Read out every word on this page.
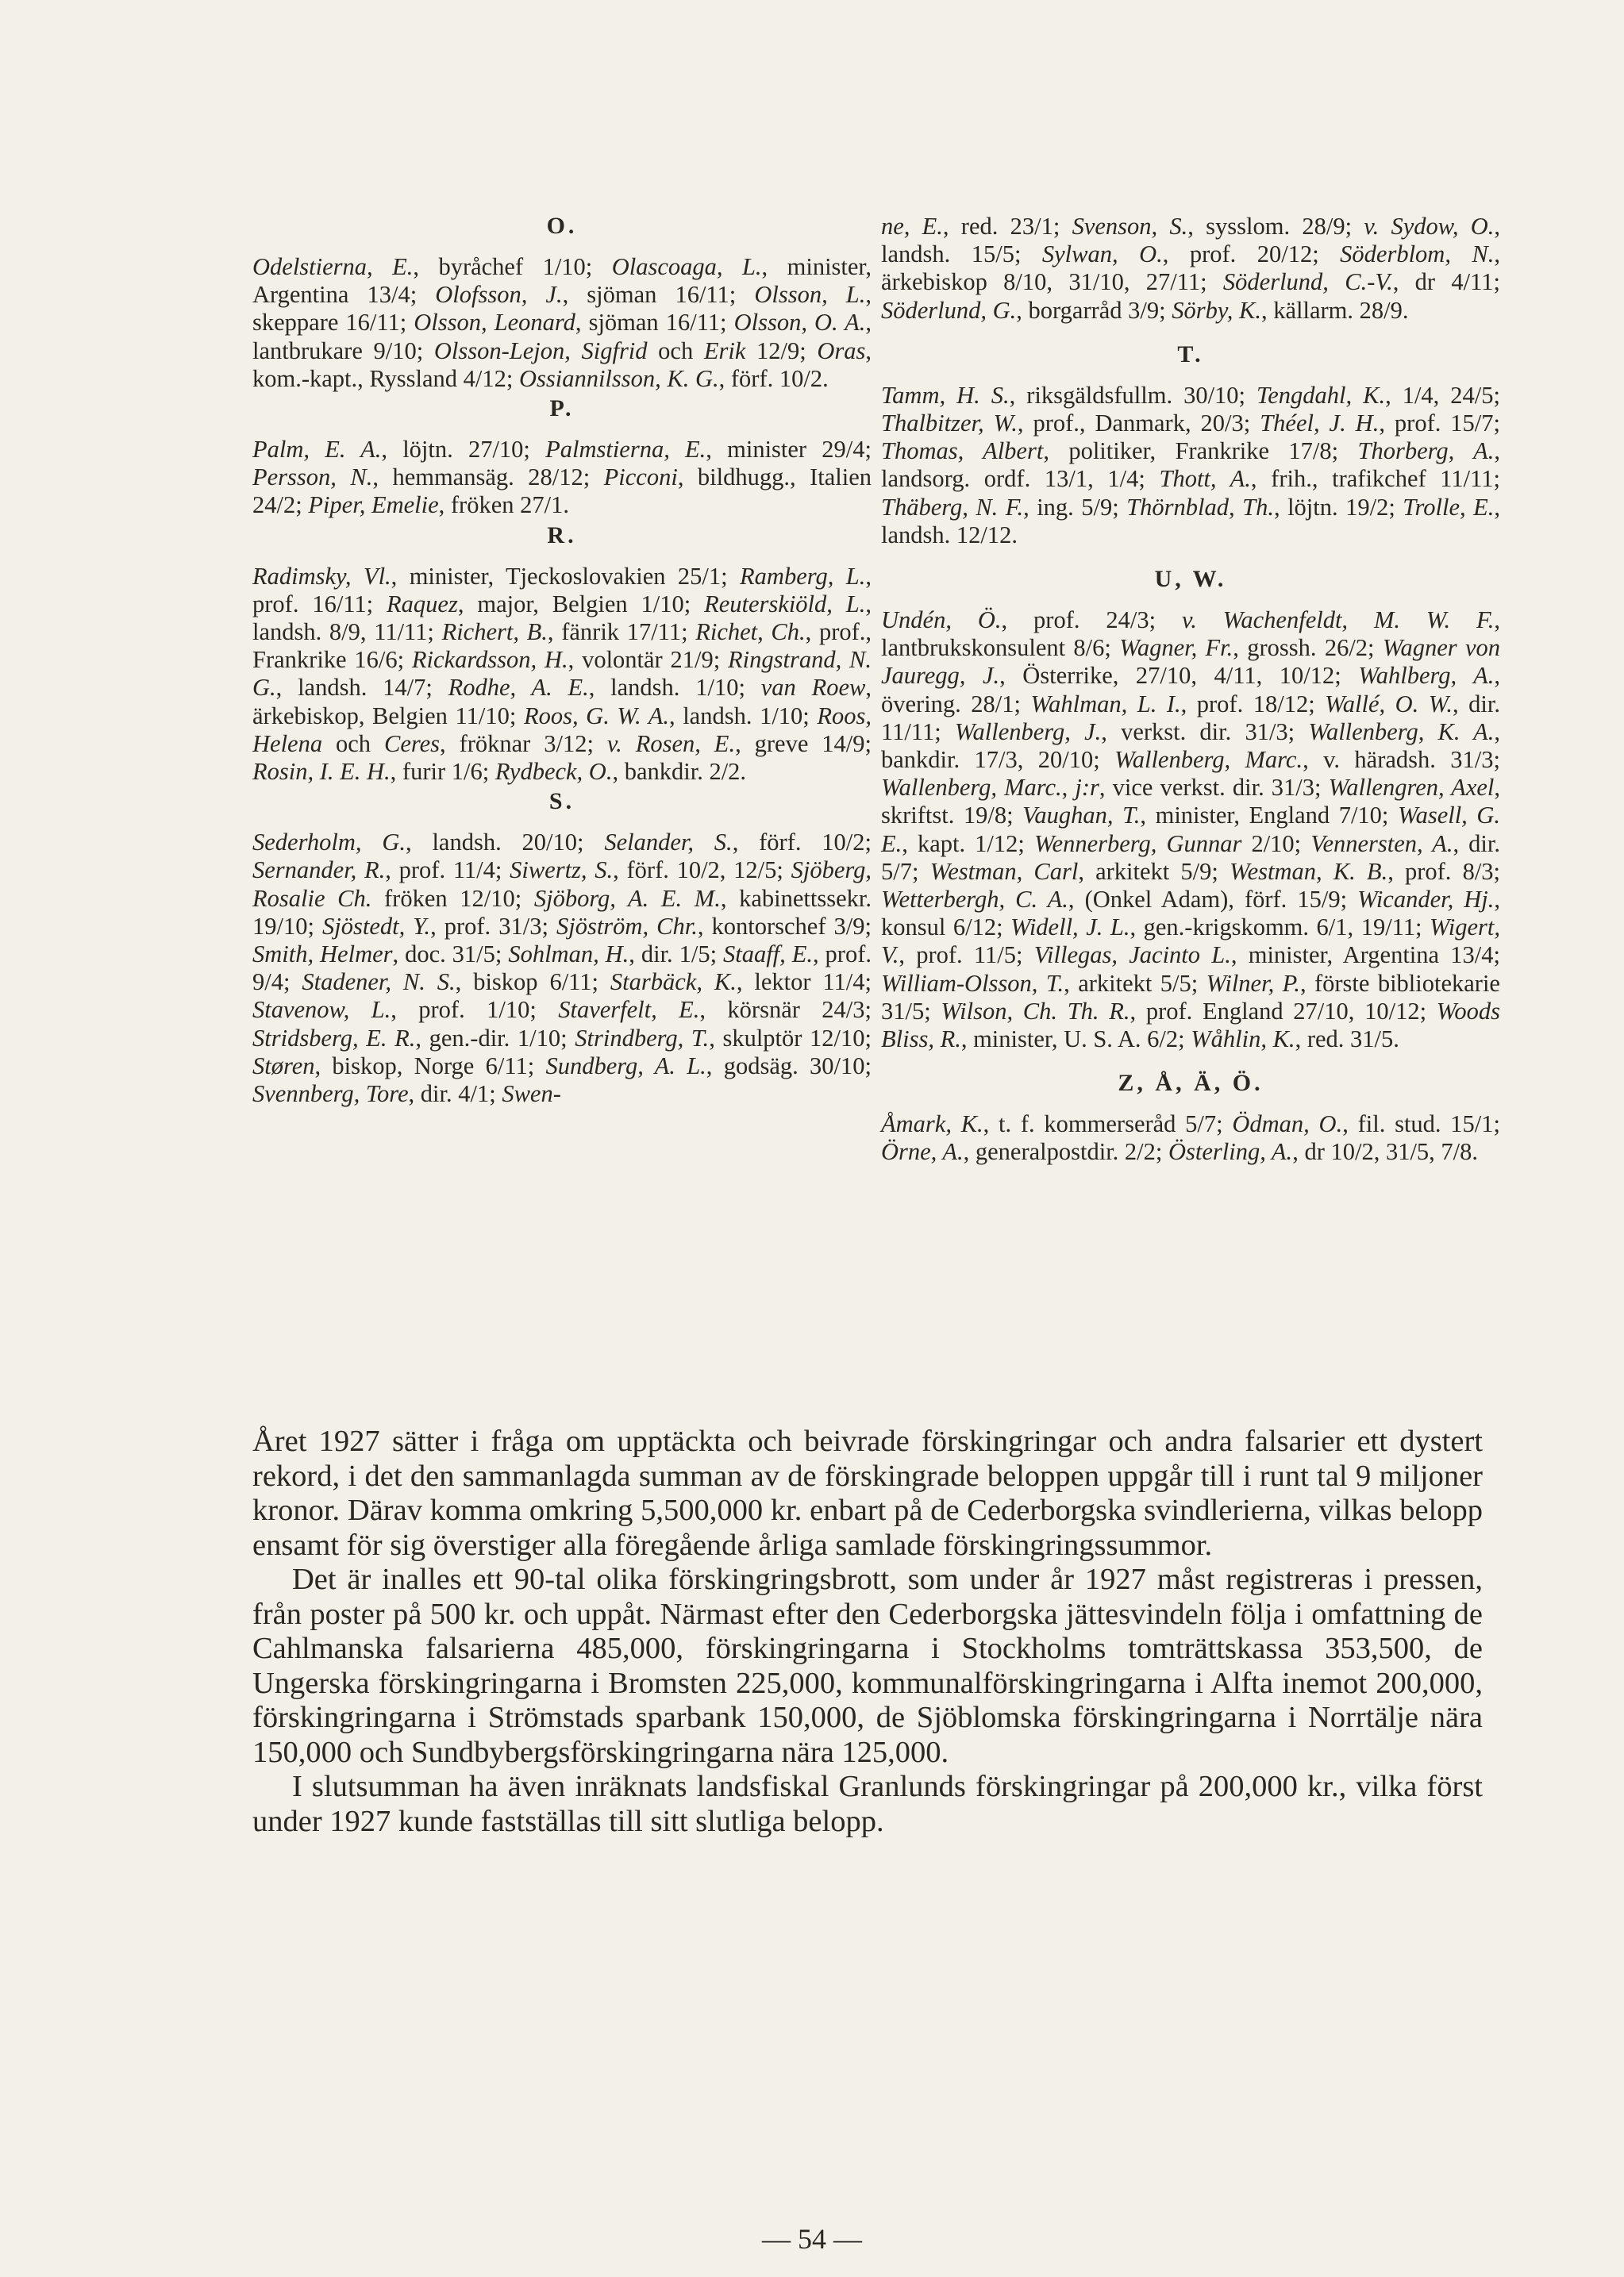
O.

Odelstierna, E., byråchef 1/10; Olascoaga, L., minister, Argentina 13/4; Olofsson, J., sjöman 16/11; Olsson, L., skeppare 16/11; Olsson, Leonard, sjöman 16/11; Olsson, O. A., lantbrukare 9/10; Olsson-Lejon, Sigfrid och Erik 12/9; Oras, kom.-kapt., Ryssland 4/12; Ossiannilsson, K. G., förf. 10/2.

P.

Palm, E. A., löjtn. 27/10; Palmstierna, E., minister 29/4; Persson, N., hemmansäg. 28/12; Picconi, bildhugg., Italien 24/2; Piper, Emelie, fröken 27/1.

R.

Radimsky, Vl., minister, Tjeckoslovakien 25/1; Ramberg, L., prof. 16/11; Raquez, major, Belgien 1/10; Reuterskiöld, L., landsh. 8/9, 11/11; Richert, B., fänrik 17/11; Richet, Ch., prof., Frankrike 16/6; Rickardsson, H., volontär 21/9; Ringstrand, N. G., landsh. 14/7; Rodhe, A. E., landsh. 1/10; van Roew, ärkebiskop, Belgien 11/10; Roos, G. W. A., landsh. 1/10; Roos, Helena och Ceres, fröknar 3/12; v. Rosen, E., greve 14/9; Rosin, I. E. H., furir 1/6; Rydbeck, O., bankdir. 2/2.

S.

Sederholm, G., landsh. 20/10; Selander, S., förf. 10/2; Sernander, R., prof. 11/4; Siwertz, S., förf. 10/2, 12/5; Sjöberg, Rosalie Ch. fröken 12/10; Sjöborg, A. E. M., kabinettssekr. 19/10; Sjöstedt, Y., prof. 31/3; Sjöström, Chr., kontorschef 3/9; Smith, Helmer, doc. 31/5; Sohlman, H., dir. 1/5; Staaff, E., prof. 9/4; Stadener, N. S., biskop 6/11; Starbäck, K., lektor 11/4; Stavenow, L., prof. 1/10; Staverfelt, E., körsnär 24/3; Stridsberg, E. R., gen.-dir. 1/10; Strindberg, T., skulptör 12/10; Støren, biskop, Norge 6/11; Sundberg, A. L., godsäg. 30/10; Svennberg, Tore, dir. 4/1; Swen-

ne, E., red. 23/1; Svenson, S., sysslom. 28/9; v. Sydow, O., landsh. 15/5; Sylwan, O., prof. 20/12; Söderblom, N., ärkebiskop 8/10, 31/10, 27/11; Söderlund, C.-V., dr 4/11; Söderlund, G., borgarråd 3/9; Sörby, K., källarm. 28/9.

T.

Tamm, H. S., riksgäldsfullm. 30/10; Tengdahl, K., 1/4, 24/5; Thalbitzer, W., prof., Danmark, 20/3; Théel, J. H., prof. 15/7; Thomas, Albert, politiker, Frankrike 17/8; Thorberg, A., landsorg. ordf. 13/1, 1/4; Thott, A., frih., trafikchef 11/11; Thäberg, N. F., ing. 5/9; Thörnblad, Th., löjtn. 19/2; Trolle, E., landsh. 12/12.

U, W.

Undén, Ö., prof. 24/3; v. Wachenfeldt, M. W. F., lantbrukskonsulent 8/6; Wagner, Fr., grossh. 26/2; Wagner von Jauregg, J., Österrike, 27/10, 4/11, 10/12; Wahlberg, A., övering. 28/1; Wahlman, L. I., prof. 18/12; Wallé, O. W., dir. 11/11; Wallenberg, J., verkst. dir. 31/3; Wallenberg, K. A., bankdir. 17/3, 20/10; Wallenberg, Marc., v. häradsh. 31/3; Wallenberg, Marc., j:r, vice verkst. dir. 31/3; Wallengren, Axel, skriftst. 19/8; Vaughan, T., minister, England 7/10; Wasell, G. E., kapt. 1/12; Wennerberg, Gunnar 2/10; Vennersten, A., dir. 5/7; Westman, Carl, arkitekt 5/9; Westman, K. B., prof. 8/3; Wetterbergh, C. A., (Onkel Adam), förf. 15/9; Wicander, Hj., konsul 6/12; Widell, J. L., gen.-krigskomm. 6/1, 19/11; Wigert, V., prof. 11/5; Villegas, Jacinto L., minister, Argentina 13/4; William-Olsson, T., arkitekt 5/5; Wilner, P., förste bibliotekarie 31/5; Wilson, Ch. Th. R., prof. England 27/10, 10/12; Woods Bliss, R., minister, U. S. A. 6/2; Wåhlin, K., red. 31/5.

Z, Å, Ä, Ö.

Åmark, K., t. f. kommerseråd 5/7; Ödman, O., fil. stud. 15/1; Örne, A., generalpostdir. 2/2; Österling, A., dr 10/2, 31/5, 7/8.

Året 1927 sätter i fråga om upptäckta och beivrade förskingringar och andra falsarier ett dystert rekord, i det den sammanlagda summan av de förskingrade beloppen uppgår till i runt tal 9 miljoner kronor. Därav komma omkring 5,500,000 kr. enbart på de Cederborgska svindlerierna, vilkas belopp ensamt för sig överstiger alla föregående årliga samlade förskingringssummor.

Det är inalles ett 90-tal olika förskingringsbrott, som under år 1927 måst registreras i pressen, från poster på 500 kr. och uppåt. Närmast efter den Cederborgska jättesvindeln följa i omfattning de Cahlmanska falsarierna 485,000, förskingringarna i Stockholms tomträttskassa 353,500, de Ungerska förskingringarna i Bromsten 225,000, kommunalförskingringarna i Alfta inemot 200,000, förskingringarna i Strömstads sparbank 150,000, de Sjöblomska förskingringarna i Norrtälje nära 150,000 och Sundbybergsförskingringarna nära 125,000.

I slutsumman ha även inräknats landsfiskal Granlunds förskingringar på 200,000 kr., vilka först under 1927 kunde fastställas till sitt slutliga belopp.

— 54 —
